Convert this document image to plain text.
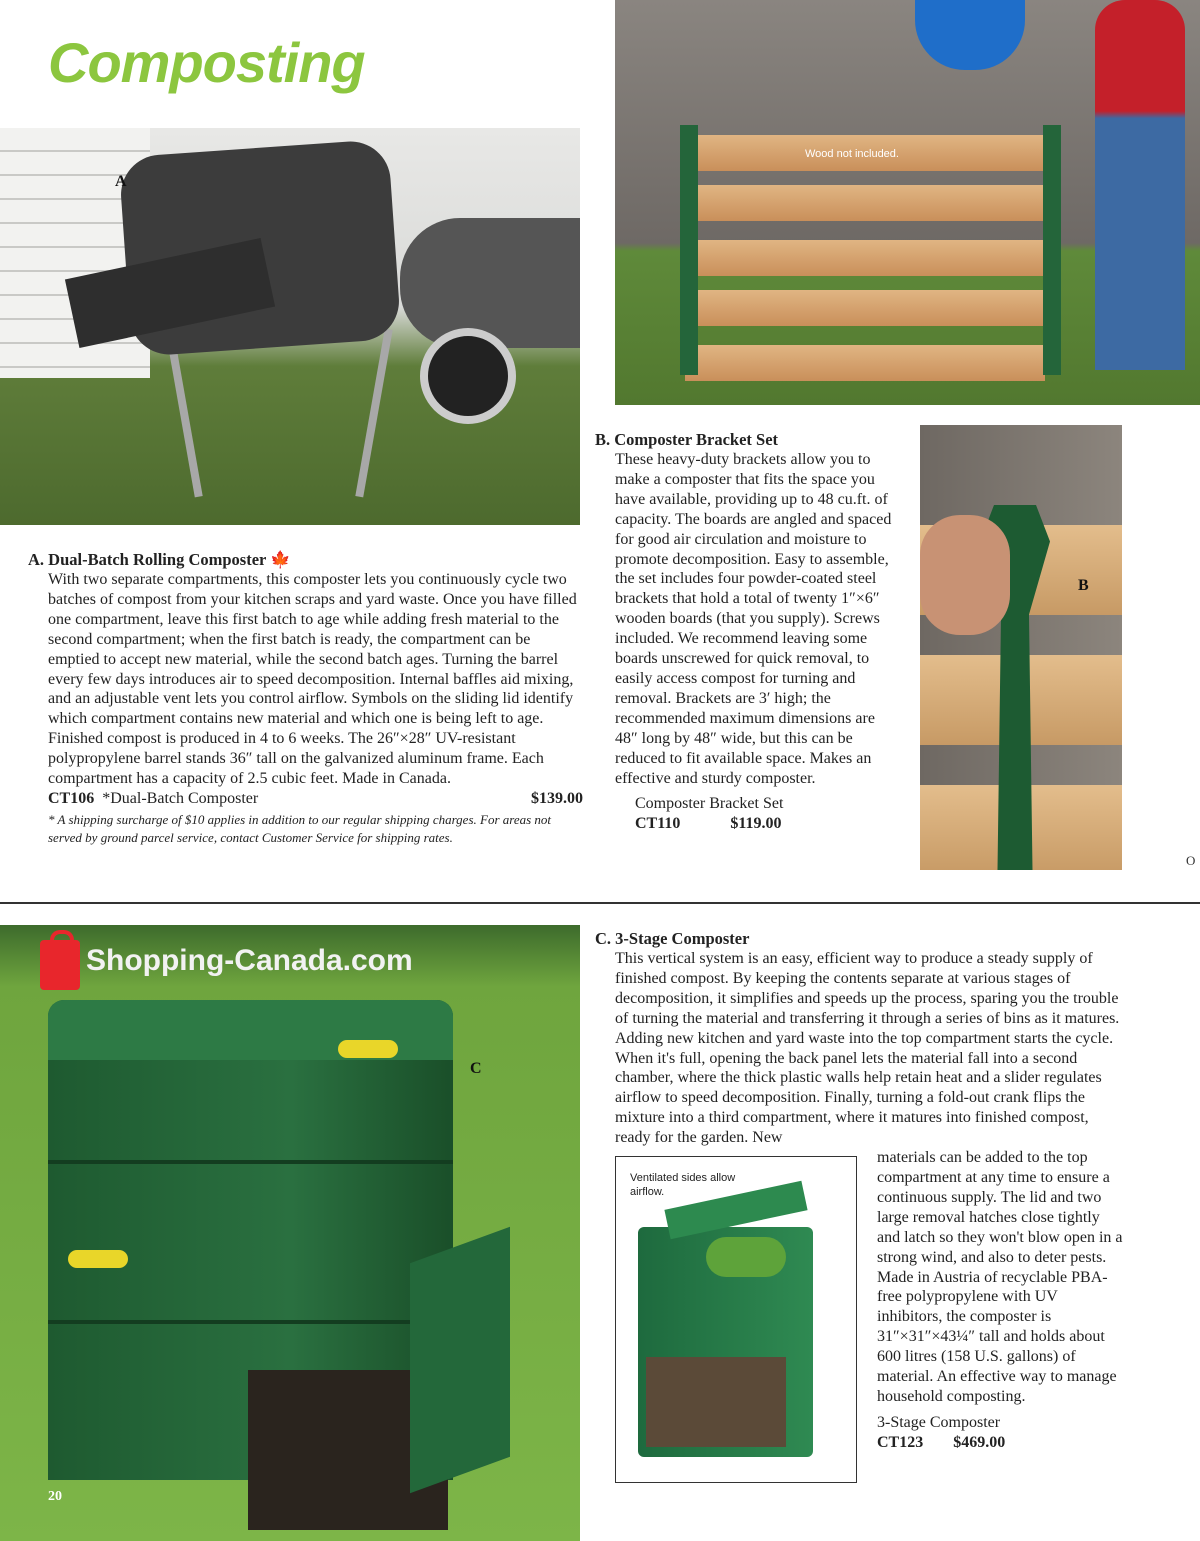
Composting
A
Wood not included.
B

A. Dual-Batch Rolling Composter 🍁

With two separate compartments, this composter lets you continuously cycle two batches of compost from your kitchen scraps and yard waste. Once you have filled one compartment, leave this first batch to age while adding fresh material to the second compartment; when the first batch is ready, the compartment can be emptied to accept new material, while the second batch ages. Turning the barrel every few days introduces air to speed decomposition. Internal baffles aid mixing, and an adjustable vent lets you control airflow. Symbols on the sliding lid identify which compartment contains new material and which one is being left to age. Finished compost is produced in 4 to 6 weeks. The 26″×28″ UV-resistant polypropylene barrel stands 36″ tall on the galvanized aluminum frame. Each compartment has a capacity of 2.5 cubic feet. Made in Canada.

CT106 *Dual-Batch Composter	$139.00

* A shipping surcharge of $10 applies in addition to our regular shipping charges. For areas not served by ground parcel service, contact Customer Service for shipping rates.

B. Composter Bracket Set

These heavy-duty brackets allow you to make a composter that fits the space you have available, providing up to 48 cu.ft. of capacity. The boards are angled and spaced for good air circulation and moisture to promote decomposition. Easy to assemble, the set includes four powder-coated steel brackets that hold a total of twenty 1″×6″ wooden boards (that you supply). Screws included. We recommend leaving some boards unscrewed for quick removal, to easily access compost for turning and removal. Brackets are 3′ high; the recommended maximum dimensions are 48″ long by 48″ wide, but this can be reduced to fit available space. Makes an effective and sturdy composter.

Composter Bracket Set
CT110	$119.00
O
C
20

C. 3-Stage Composter

This vertical system is an easy, efficient way to produce a steady supply of finished compost. By keeping the contents separate at various stages of decomposition, it simplifies and speeds up the process, sparing you the trouble of turning the material and transferring it through a series of bins as it matures. Adding new kitchen and yard waste into the top compartment starts the cycle. When it's full, opening the back panel lets the material fall into a second chamber, where the thick plastic walls help retain heat and a slider regulates airflow to speed decomposition. Finally, turning a fold-out crank flips the mixture into a third compartment, where it matures into finished compost, ready for the garden. New

Ventilated sides allow airflow.

materials can be added to the top compartment at any time to ensure a continuous supply. The lid and two large removal hatches close tightly and latch so they won't blow open in a strong wind, and also to deter pests. Made in Austria of recyclable PBA-free polypropylene with UV inhibitors, the composter is 31″×31″×43¼″ tall and holds about 600 litres (158 U.S. gallons) of material. An effective way to manage household composting.

3-Stage Composter
CT123 $469.00
Shopping-Canada.com
